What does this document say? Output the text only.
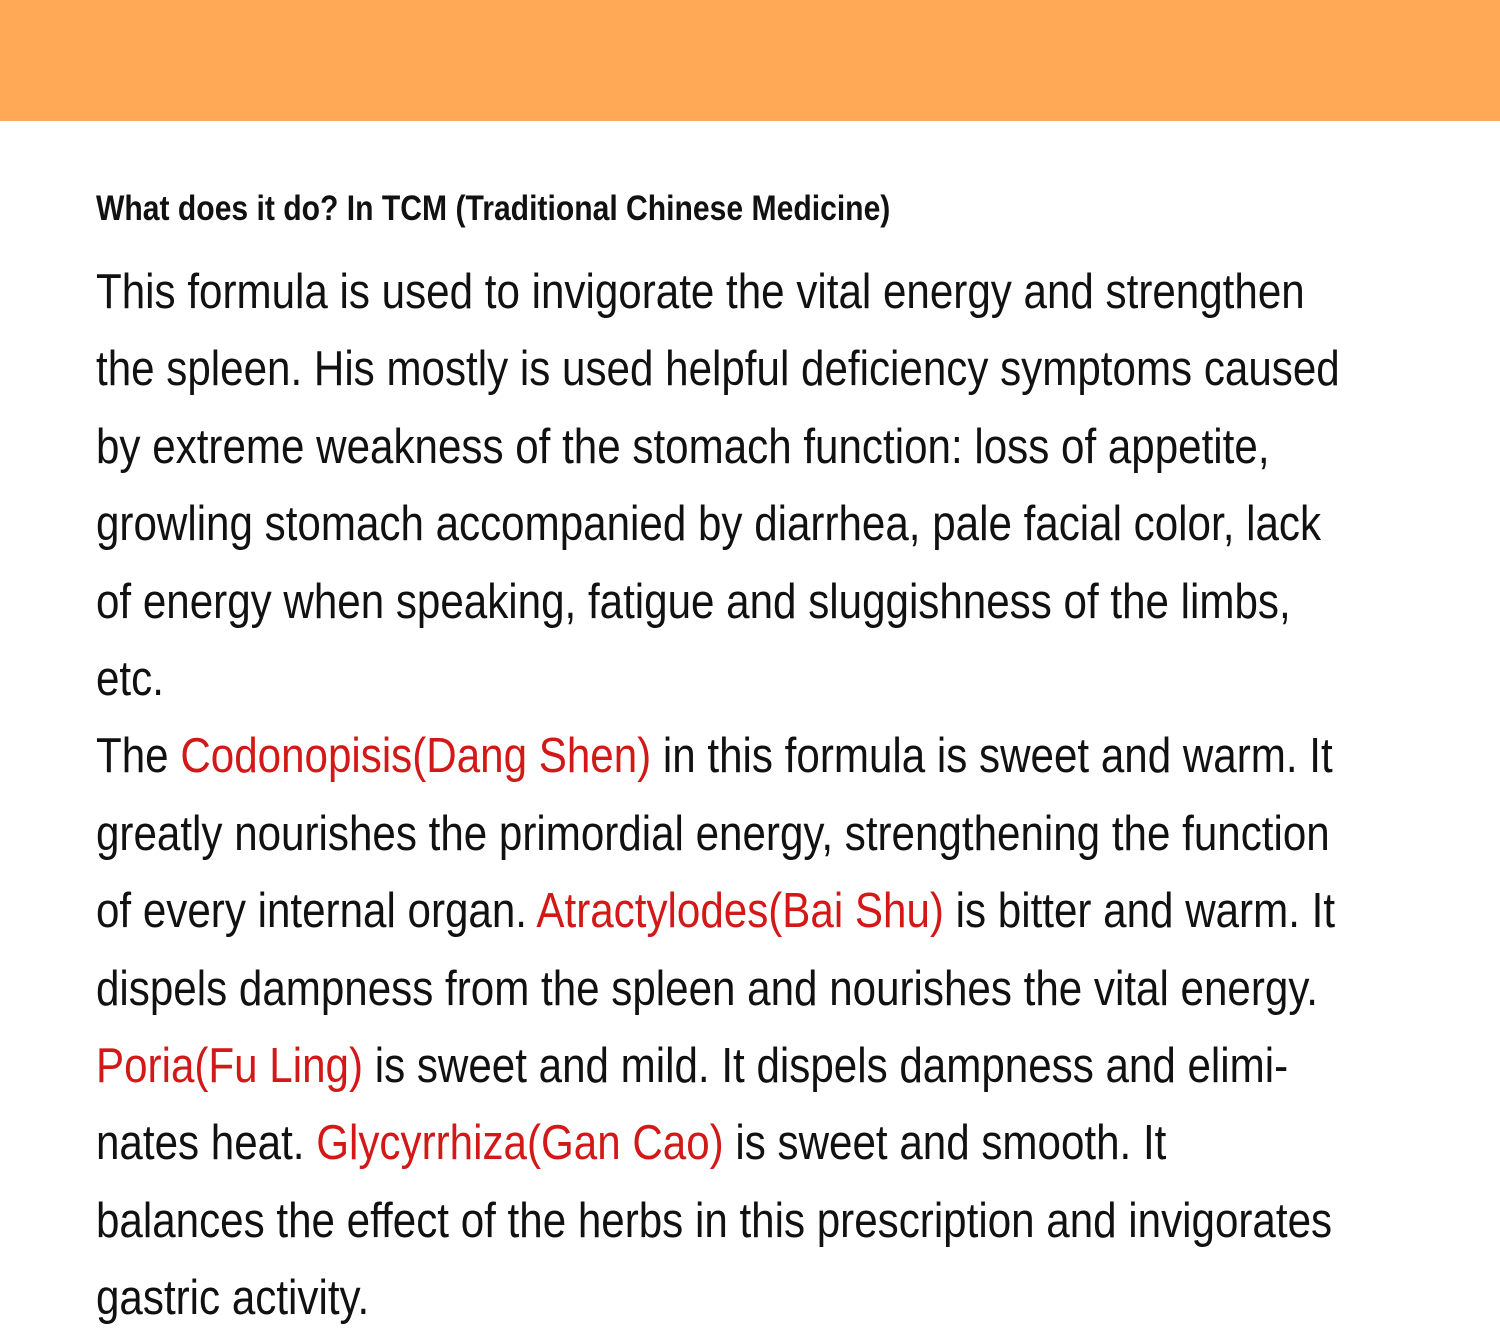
What does it do? In TCM (Traditional Chinese Medicine)
This formula is used to invigorate the vital energy and strengthen
the spleen. His mostly is used helpful deficiency symptoms caused
by extreme weakness of the stomach function: loss of appetite,
growling stomach accompanied by diarrhea, pale facial color, lack
of energy when speaking, fatigue and sluggishness of the limbs,
etc.
The Codonopisis(Dang Shen) in this formula is sweet and warm. It
greatly nourishes the primordial energy, strengthening the function
of every internal organ. Atractylodes(Bai Shu) is bitter and warm. It
dispels dampness from the spleen and nourishes the vital energy.
Poria(Fu Ling) is sweet and mild. It dispels dampness and elimi-
nates heat. Glycyrrhiza(Gan Cao) is sweet and smooth. It
balances the effect of the herbs in this prescription and invigorates
gastric activity.
